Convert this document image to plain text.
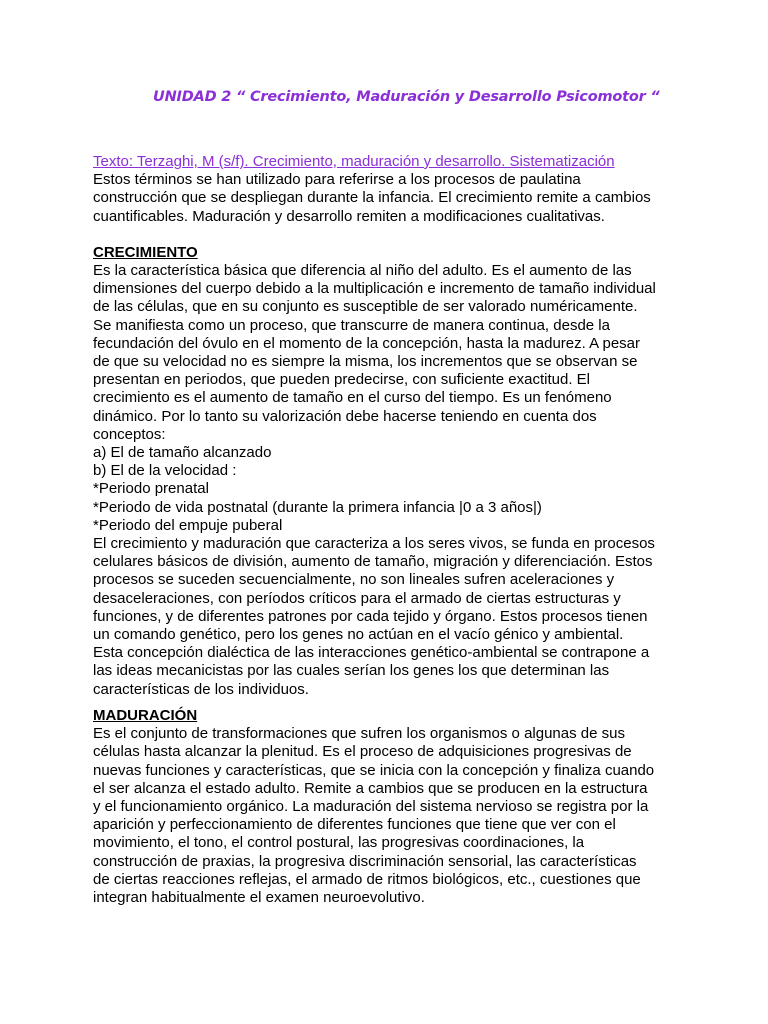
UNIDAD 2 “ Crecimiento, Maduración y Desarrollo Psicomotor “

Texto: Terzaghi, M (s/f). Crecimiento, maduración y desarrollo. Sistematización

Estos términos se han utilizado para referirse a los procesos de paulatina

construcción que se despliegan durante la infancia. El crecimiento remite a cambios

cuantificables. Maduración y desarrollo remiten a modificaciones cualitativas.

CRECIMIENTO

Es la característica básica que diferencia al niño del adulto. Es el aumento de las

dimensiones del cuerpo debido a la multiplicación e incremento de tamaño individual

de las células, que en su conjunto es susceptible de ser valorado numéricamente.

Se manifiesta como un proceso, que transcurre de manera continua, desde la

fecundación del óvulo en el momento de la concepción, hasta la madurez. A pesar

de que su velocidad no es siempre la misma, los incrementos que se observan se

presentan en periodos, que pueden predecirse, con suficiente exactitud. El

crecimiento es el aumento de tamaño en el curso del tiempo. Es un fenómeno

dinámico. Por lo tanto su valorización debe hacerse teniendo en cuenta dos

conceptos:

a) El de tamaño alcanzado

b) El de la velocidad :

*Periodo prenatal

*Periodo de vida postnatal (durante la primera infancia |0 a 3 años|)

*Periodo del empuje puberal

El crecimiento y maduración que caracteriza a los seres vivos, se funda en procesos

celulares básicos de división, aumento de tamaño, migración y diferenciación. Estos

procesos se suceden secuencialmente, no son lineales sufren aceleraciones y

desaceleraciones, con períodos críticos para el armado de ciertas estructuras y

funciones, y de diferentes patrones por cada tejido y órgano. Estos procesos tienen

un comando genético, pero los genes no actúan en el vacío génico y ambiental.

Esta concepción dialéctica de las interacciones genético-ambiental se contrapone a

las ideas mecanicistas por las cuales serían los genes los que determinan las

características de los individuos.

MADURACIÓN

Es el conjunto de transformaciones que sufren los organismos o algunas de sus

células hasta alcanzar la plenitud. Es el proceso de adquisiciones progresivas de

nuevas funciones y características, que se inicia con la concepción y finaliza cuando

el ser alcanza el estado adulto. Remite a cambios que se producen en la estructura

y el funcionamiento orgánico. La maduración del sistema nervioso se registra por la

aparición y perfeccionamiento de diferentes funciones que tiene que ver con el

movimiento, el tono, el control postural, las progresivas coordinaciones, la

construcción de praxias, la progresiva discriminación sensorial, las características

de ciertas reacciones reflejas, el armado de ritmos biológicos, etc., cuestiones que

integran habitualmente el examen neuroevolutivo.
